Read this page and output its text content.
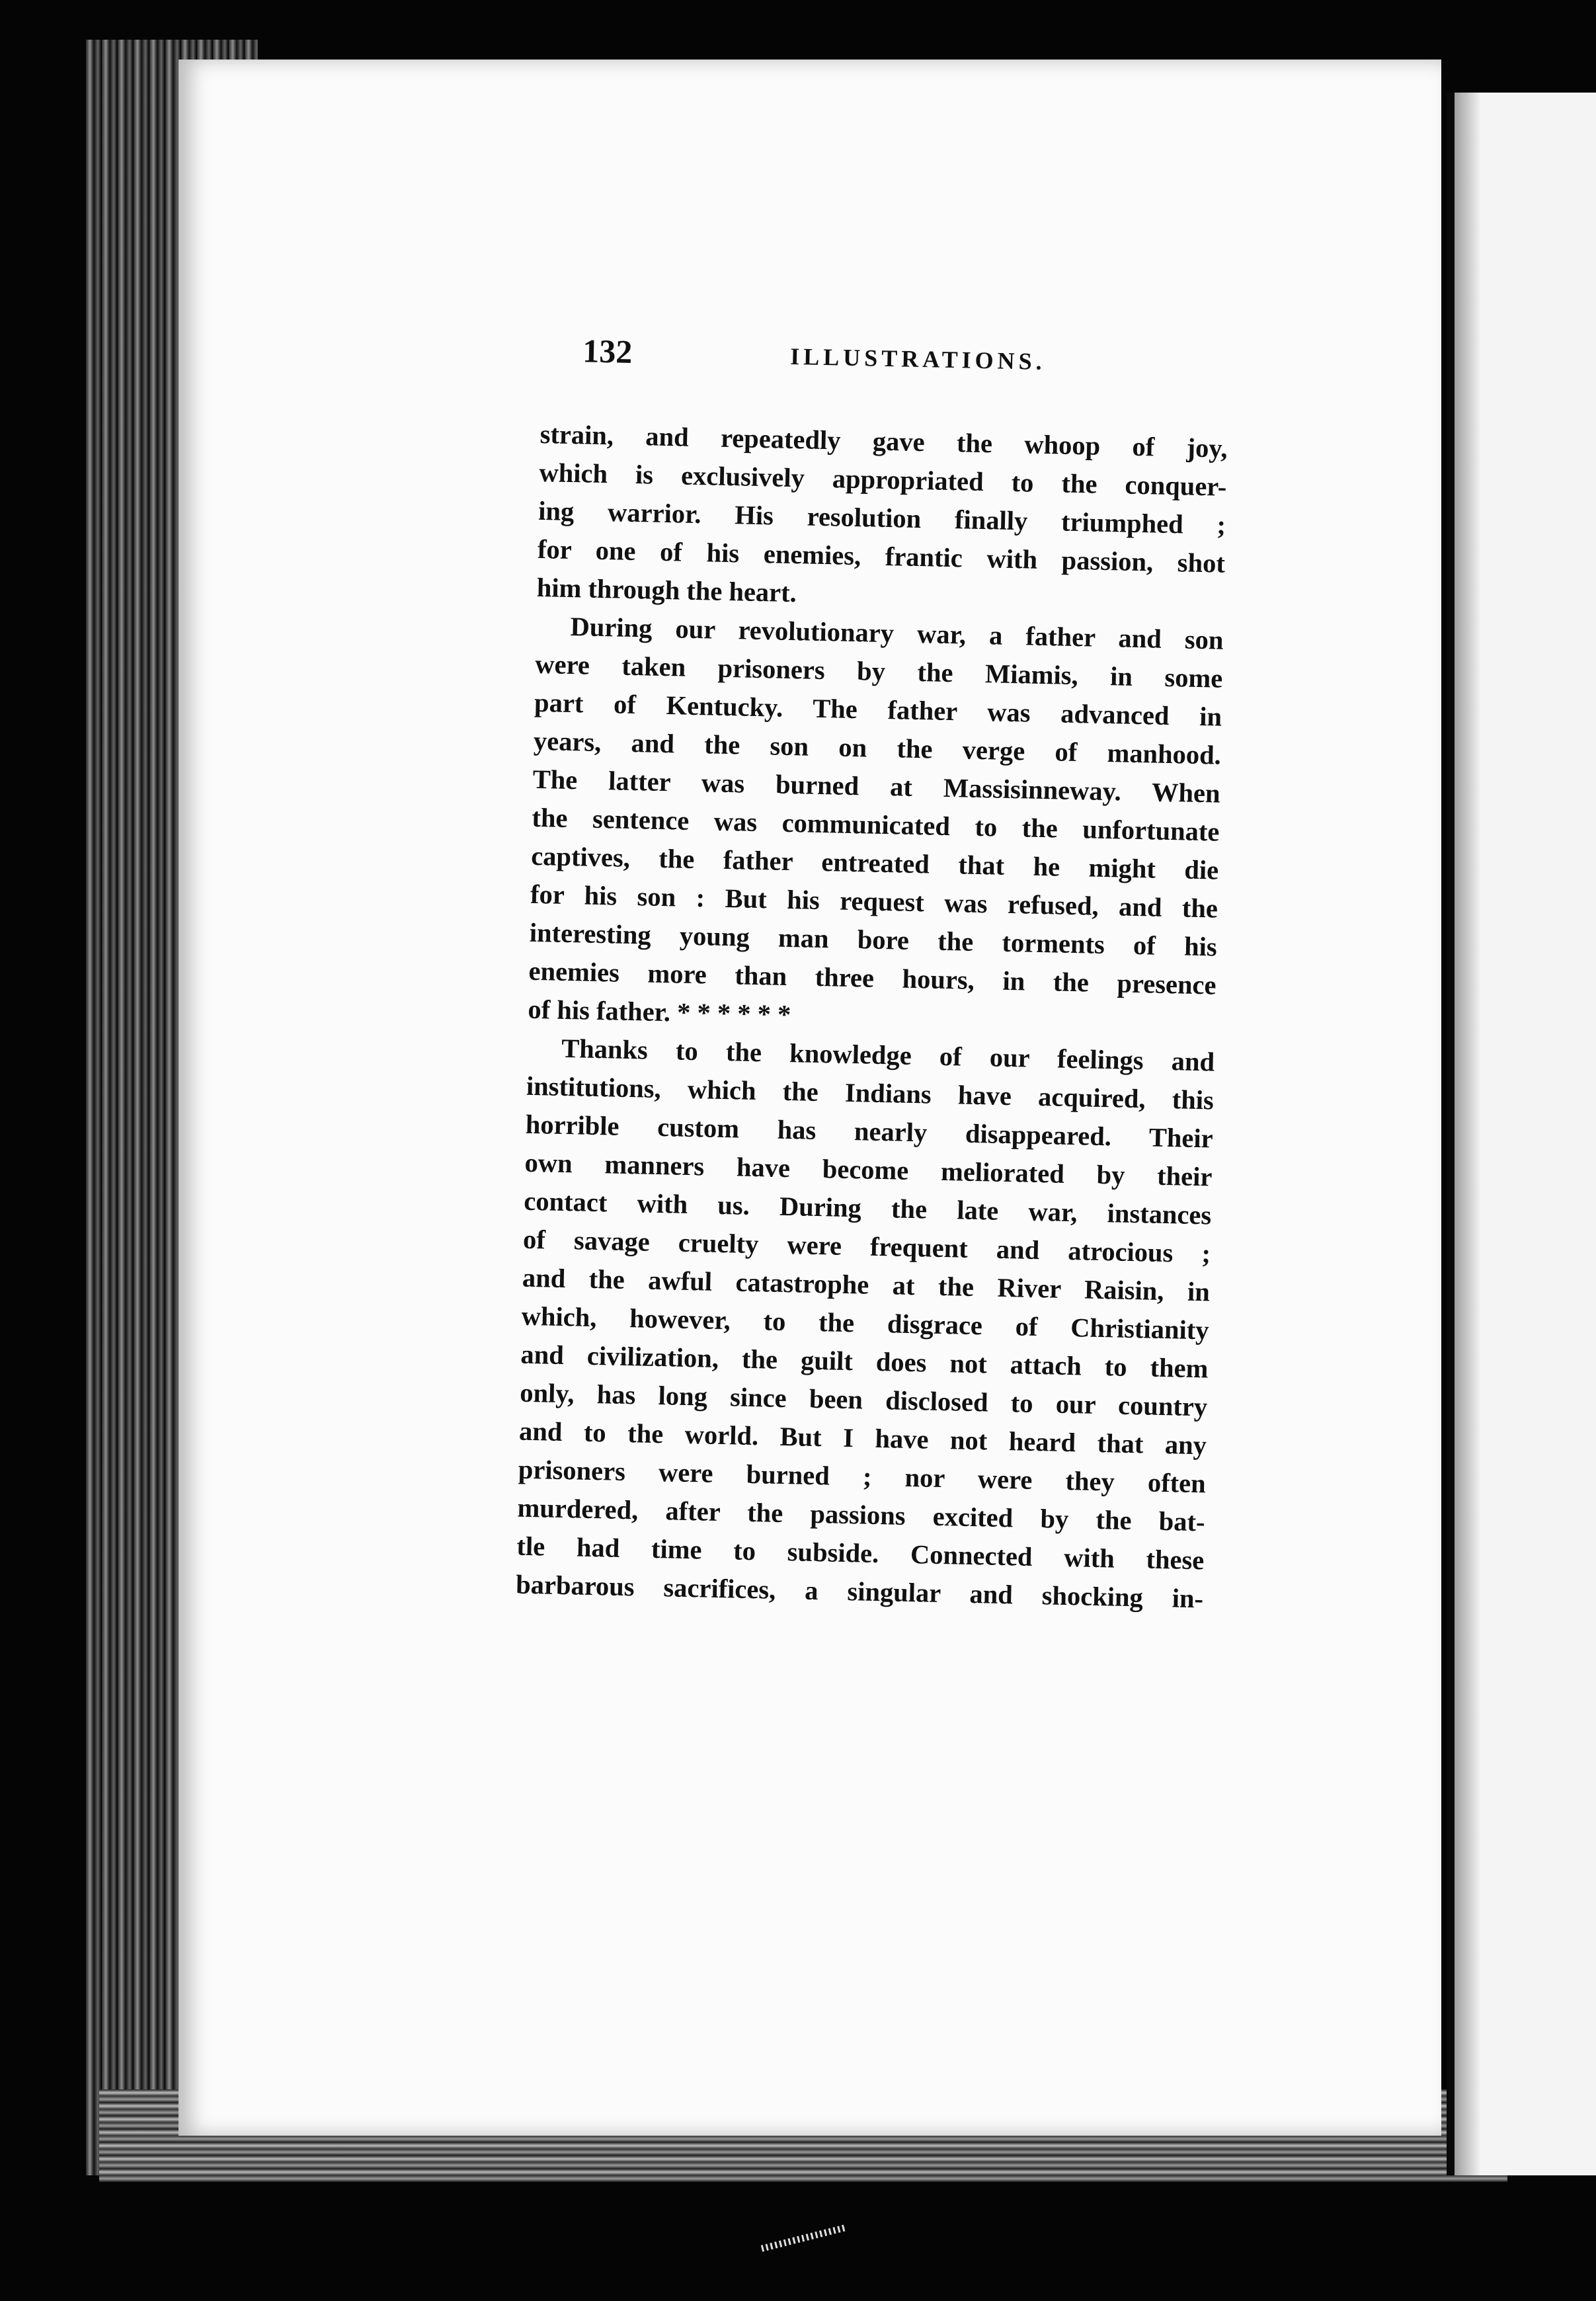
132	ILLUSTRATIONS.
strain, and repeatedly gave the whoop of joy,
which is exclusively appropriated to the conquer-
ing warrior. His resolution finally triumphed ;
for one of his enemies, frantic with passion, shot
him through the heart.
During our revolutionary war, a father and son
were taken prisoners by the Miamis, in some
part of Kentucky. The father was advanced in
years, and the son on the verge of manhood.
The latter was burned at Massisinneway. When
the sentence was communicated to the unfortunate
captives, the father entreated that he might die
for his son : But his request was refused, and the
interesting young man bore the torments of his
enemies more than three hours, in the presence
of his father. * * * * * *
Thanks to the knowledge of our feelings and
institutions, which the Indians have acquired, this
horrible custom has nearly disappeared. Their
own manners have become meliorated by their
contact with us. During the late war, instances
of savage cruelty were frequent and atrocious ;
and the awful catastrophe at the River Raisin, in
which, however, to the disgrace of Christianity
and civilization, the guilt does not attach to them
only, has long since been disclosed to our country
and to the world. But I have not heard that any
prisoners were burned ; nor were they often
murdered, after the passions excited by the bat-
tle had time to subside. Connected with these
barbarous sacrifices, a singular and shocking in-
